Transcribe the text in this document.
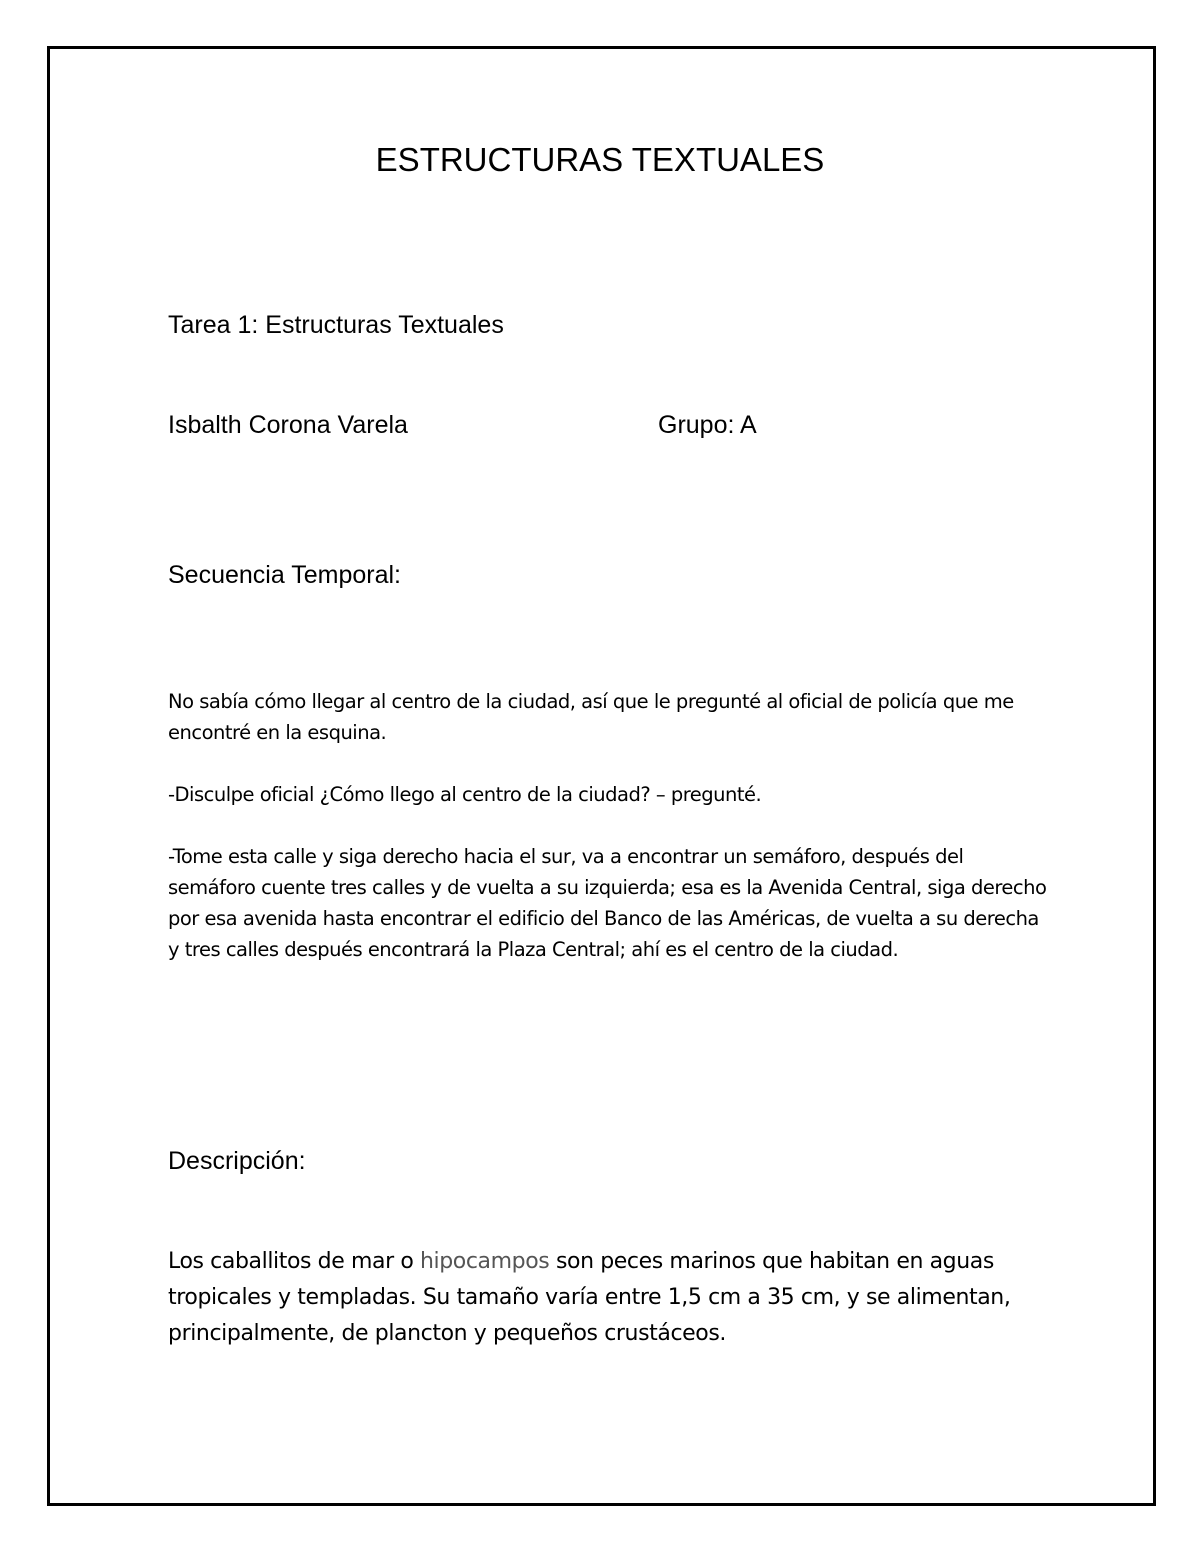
ESTRUCTURAS TEXTUALES

Tarea 1: Estructuras Textuales

Isbalth Corona Varela	Grupo: A

Secuencia Temporal:

No sabía cómo llegar al centro de la ciudad, así que le pregunté al oficial de policía que me encontré en la esquina.

-Disculpe oficial ¿Cómo llego al centro de la ciudad? – pregunté.

-Tome esta calle y siga derecho hacia el sur, va a encontrar un semáforo, después del semáforo cuente tres calles y de vuelta a su izquierda; esa es la Avenida Central, siga derecho por esa avenida hasta encontrar el edificio del Banco de las Américas, de vuelta a su derecha y tres calles después encontrará la Plaza Central; ahí es el centro de la ciudad.

Descripción:

Los caballitos de mar o hipocampos son peces marinos que habitan en aguas tropicales y templadas. Su tamaño varía entre 1,5 cm a 35 cm, y se alimentan, principalmente, de plancton y pequeños crustáceos.
